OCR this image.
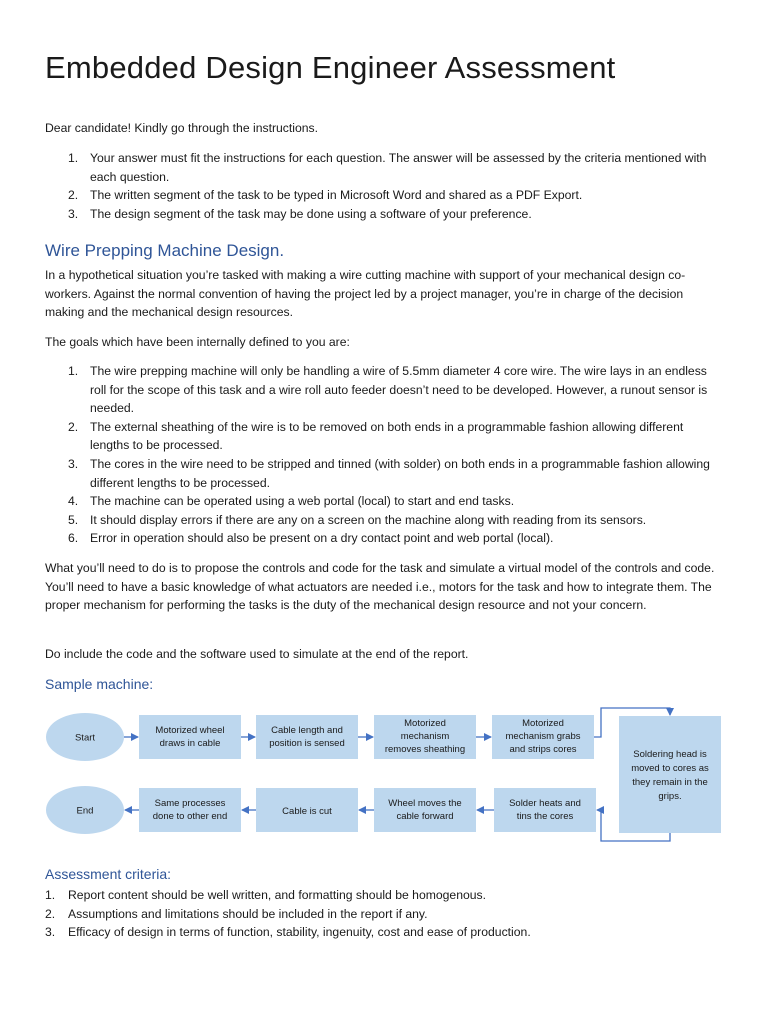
Embedded Design Engineer Assessment

Dear candidate! Kindly go through the instructions.

1. Your answer must fit the instructions for each question. The answer will be assessed by the criteria mentioned with each question.
2. The written segment of the task to be typed in Microsoft Word and shared as a PDF Export.
3. The design segment of the task may be done using a software of your preference.
Wire Prepping Machine Design.

In a hypothetical situation you’re tasked with making a wire cutting machine with support of your mechanical design co-workers. Against the normal convention of having the project led by a project manager, you’re in charge of the decision making and the mechanical design resources.

The goals which have been internally defined to you are:

1. The wire prepping machine will only be handling a wire of 5.5mm diameter 4 core wire. The wire lays in an endless roll for the scope of this task and a wire roll auto feeder doesn’t need to be developed. However, a runout sensor is needed.
2. The external sheathing of the wire is to be removed on both ends in a programmable fashion allowing different lengths to be processed.
3. The cores in the wire need to be stripped and tinned (with solder) on both ends in a programmable fashion allowing different lengths to be processed.
4. The machine can be operated using a web portal (local) to start and end tasks.
5. It should display errors if there are any on a screen on the machine along with reading from its sensors.
6. Error in operation should also be present on a dry contact point and web portal (local).

What you’ll need to do is to propose the controls and code for the task and simulate a virtual model of the controls and code. You’ll need to have a basic knowledge of what actuators are needed i.e., motors for the task and how to integrate them. The proper mechanism for performing the tasks is the duty of the mechanical design resource and not your concern.

Do include the code and the software used to simulate at the end of the report.

Sample machine:
Start
End
Motorized wheel draws in cable
Cable length and position is sensed
Motorized mechanism removes sheathing
Motorized mechanism grabs and strips cores	Soldering head is moved to cores as they remain in the grips.
Same processes done to other end	Cable is cut
Wheel moves the cable forward
Solder heats and tins the cores
Assessment criteria:
1. Report content should be well written, and formatting should be homogenous.
2. Assumptions and limitations should be included in the report if any.
3. Efficacy of design in terms of function, stability, ingenuity, cost and ease of production.
